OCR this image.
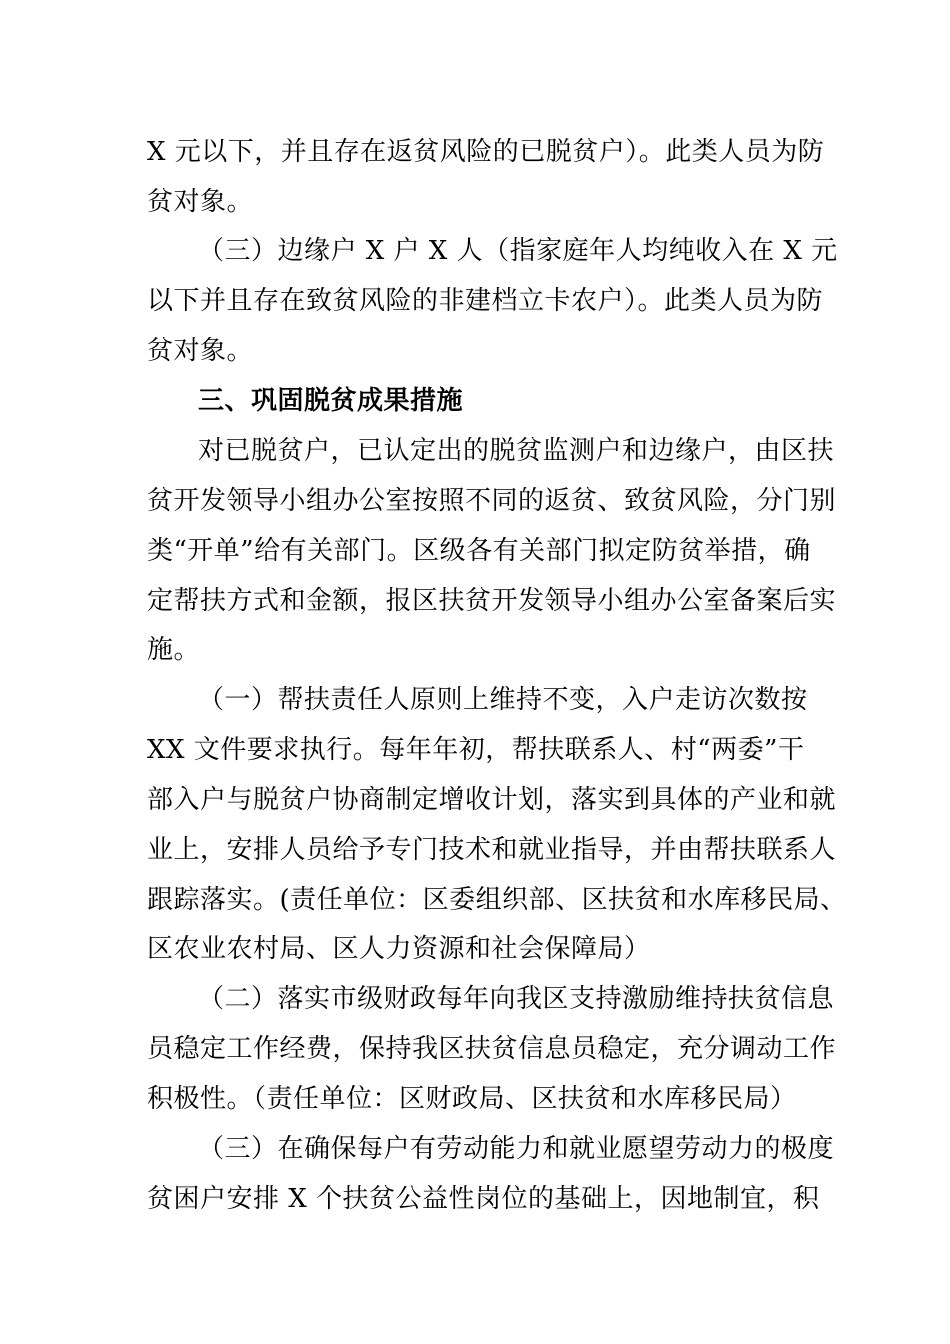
X 元以下，并且存在返贫风险的已脱贫户）。此类人员为防
贫对象。
（三）边缘户 X 户 X 人（指家庭年人均纯收入在 X 元
以下并且存在致贫风险的非建档立卡农户）。此类人员为防
贫对象。
三、巩固脱贫成果措施
对已脱贫户，已认定出的脱贫监测户和边缘户，由区扶
贫开发领导小组办公室按照不同的返贫、致贫风险，分门别
类“开单”给有关部门。区级各有关部门拟定防贫举措，确
定帮扶方式和金额，报区扶贫开发领导小组办公室备案后实
施。
（一）帮扶责任人原则上维持不变，入户走访次数按
XX 文件要求执行。每年年初，帮扶联系人、村“两委”干
部入户与脱贫户协商制定增收计划，落实到具体的产业和就
业上，安排人员给予专门技术和就业指导，并由帮扶联系人
跟踪落实。(责任单位：区委组织部、区扶贫和水库移民局、
区农业农村局、区人力资源和社会保障局）
（二）落实市级财政每年向我区支持激励维持扶贫信息
员稳定工作经费，保持我区扶贫信息员稳定，充分调动工作
积极性。（责任单位：区财政局、区扶贫和水库移民局）
（三）在确保每户有劳动能力和就业愿望劳动力的极度
贫困户安排 X 个扶贫公益性岗位的基础上，因地制宜，积
